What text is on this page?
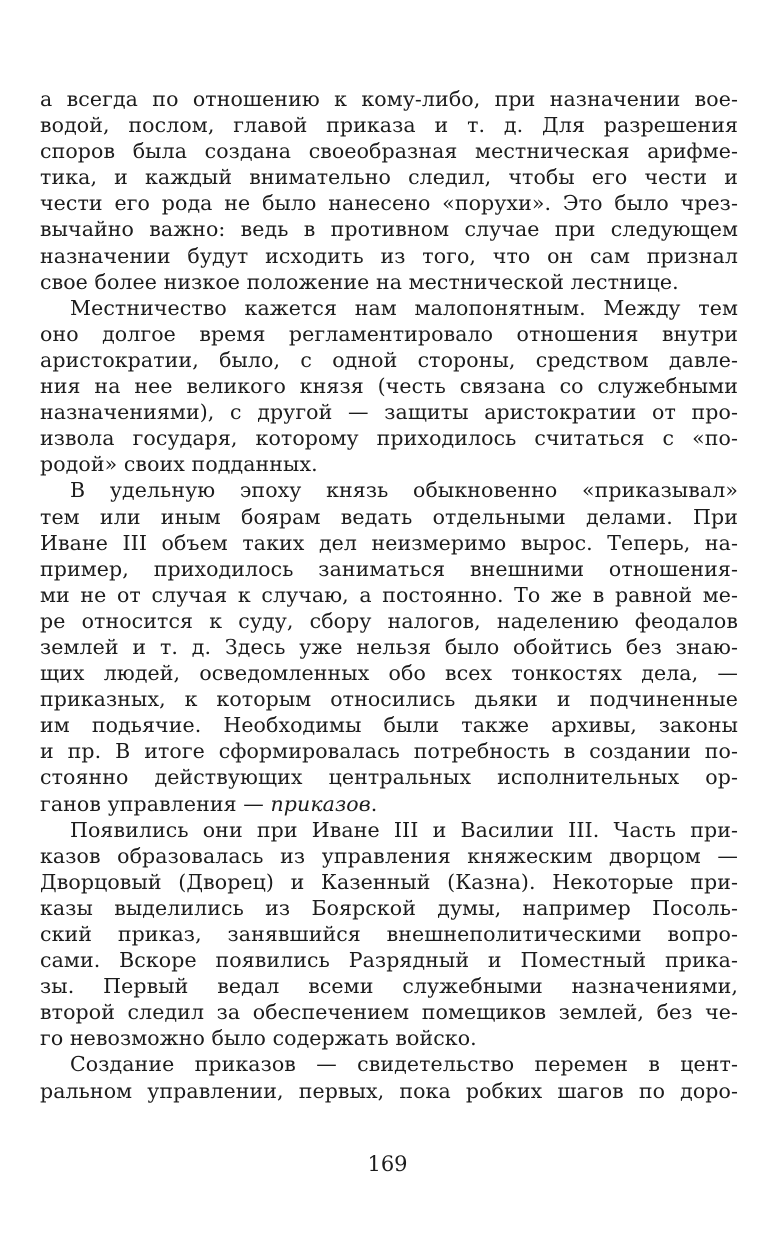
а всегда по отношению к кому-либо, при назначении вое-
водой, послом, главой приказа и т. д. Для разрешения
споров была создана своеобразная местническая арифме-
тика, и каждый внимательно следил, чтобы его чести и
чести его рода не было нанесено «порухи». Это было чрез-
вычайно важно: ведь в противном случае при следующем
назначении будут исходить из того, что он сам признал
свое более низкое положение на местнической лестнице.
Местничество кажется нам малопонятным. Между тем
оно долгое время регламентировало отношения внутри
аристократии, было, с одной стороны, средством давле-
ния на нее великого князя (честь связана со служебными
назначениями), с другой — защиты аристократии от про-
извола государя, которому приходилось считаться с «по-
родой» своих подданных.
В удельную эпоху князь обыкновенно «приказывал»
тем или иным боярам ведать отдельными делами. При
Иване III объем таких дел неизмеримо вырос. Теперь, на-
пример, приходилось заниматься внешними отношения-
ми не от случая к случаю, а постоянно. То же в равной ме-
ре относится к суду, сбору налогов, наделению феодалов
землей и т. д. Здесь уже нельзя было обойтись без знаю-
щих людей, осведомленных обо всех тонкостях дела, —
приказных, к которым относились дьяки и подчиненные
им подьячие. Необходимы были также архивы, законы
и пр. В итоге сформировалась потребность в создании по-
стоянно действующих центральных исполнительных ор-
ганов управления — приказов.
Появились они при Иване III и Василии III. Часть при-
казов образовалась из управления княжеским дворцом —
Дворцовый (Дворец) и Казенный (Казна). Некоторые при-
казы выделились из Боярской думы, например Посоль-
ский приказ, занявшийся внешнеполитическими вопро-
сами. Вскоре появились Разрядный и Поместный прика-
зы. Первый ведал всеми служебными назначениями,
второй следил за обеспечением помещиков землей, без че-
го невозможно было содержать войско.
Создание приказов — свидетельство перемен в цент-
ральном управлении, первых, пока робких шагов по доро-
169
